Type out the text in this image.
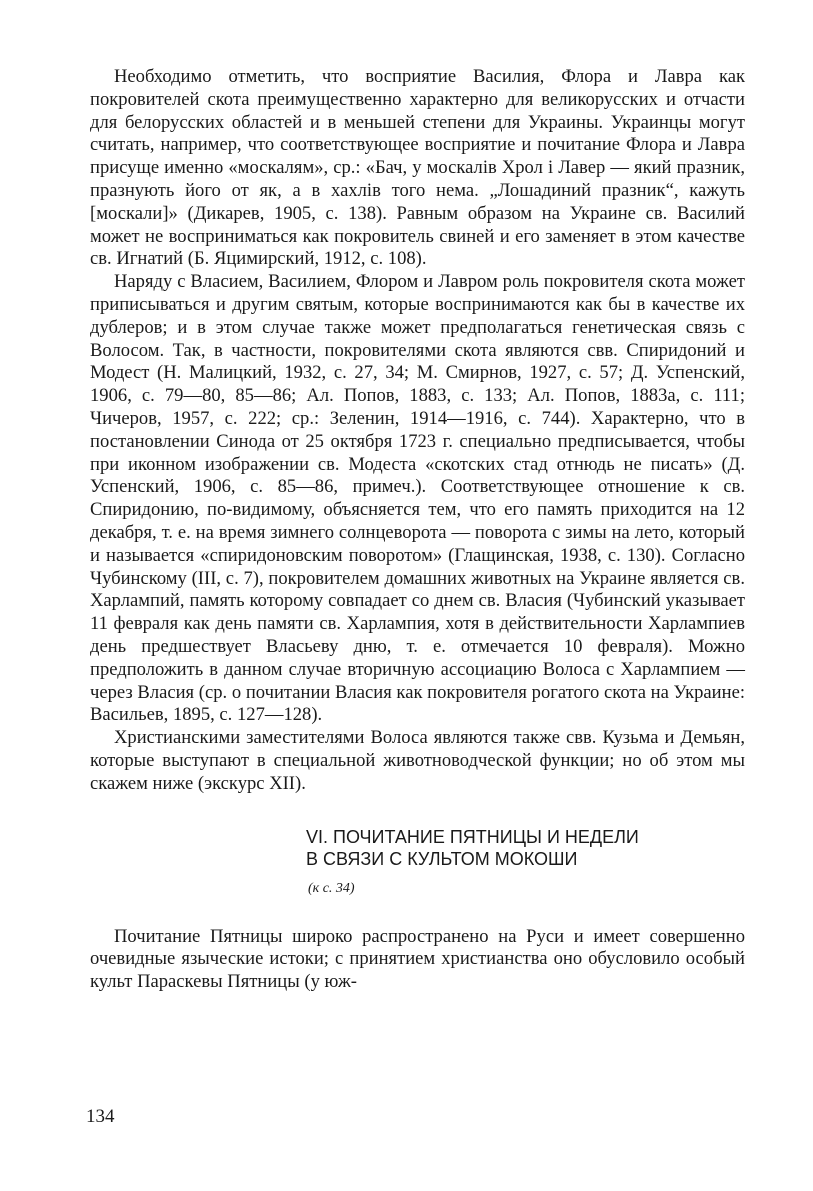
Необходимо отметить, что восприятие Василия, Флора и Лавра как покровителей скота преимущественно характерно для великорусских и отчасти для белорусских областей и в меньшей степени для Украины. Украинцы могут считать, например, что соответствующее восприятие и почитание Флора и Лавра присуще именно «москалям», ср.: «Бач, у москалів Хрол і Лавер — який празник, празнують його от як, а в хахлів того нема. „Лошадиний празник“, кажуть [москали]» (Дикарев, 1905, с. 138). Равным образом на Украине св. Василий может не восприниматься как покровитель свиней и его заменяет в этом качестве св. Игнатий (Б. Яцимирский, 1912, с. 108).

Наряду с Власием, Василием, Флором и Лавром роль покровителя скота может приписываться и другим святым, которые воспринимаются как бы в качестве их дублеров; и в этом случае также может предполагаться генетическая связь с Волосом. Так, в частности, покровителями скота являются свв. Спиридоний и Модест (Н. Малицкий, 1932, с. 27, 34; М. Смирнов, 1927, с. 57; Д. Успенский, 1906, с. 79—80, 85—86; Ал. Попов, 1883, с. 133; Ал. Попов, 1883а, с. 111; Чичеров, 1957, с. 222; ср.: Зеленин, 1914—1916, с. 744). Характерно, что в постановлении Синода от 25 октября 1723 г. специально предписывается, чтобы при иконном изображении св. Модеста «скотских стад отнюдь не писать» (Д. Успенский, 1906, с. 85—86, примеч.). Соответствующее отношение к св. Спиридонию, по-видимому, объясняется тем, что его память приходится на 12 декабря, т. е. на время зимнего солнцеворота — поворота с зимы на лето, который и называется «спиридоновским поворотом» (Глащинская, 1938, с. 130). Согласно Чубинскому (III, с. 7), покровителем домашних животных на Украине является св. Харлампий, память которому совпадает со днем св. Власия (Чубинский указывает 11 февраля как день памяти св. Харлампия, хотя в действительности Харлампиев день предшествует Власьеву дню, т. е. отмечается 10 февраля). Можно предположить в данном случае вторичную ассоциацию Волоса с Харлампием — через Власия (ср. о почитании Власия как покровителя рогатого скота на Украине: Васильев, 1895, с. 127—128).

Христианскими заместителями Волоса являются также свв. Кузьма и Демьян, которые выступают в специальной животноводческой функции; но об этом мы скажем ниже (экскурс XII).

VI. ПОЧИТАНИЕ ПЯТНИЦЫ И НЕДЕЛИ
В СВЯЗИ С КУЛЬТОМ МОКОШИ
(к с. 34)

Почитание Пятницы широко распространено на Руси и имеет совершенно очевидные языческие истоки; с принятием христианства оно обусловило особый культ Параскевы Пятницы (у юж-

134
